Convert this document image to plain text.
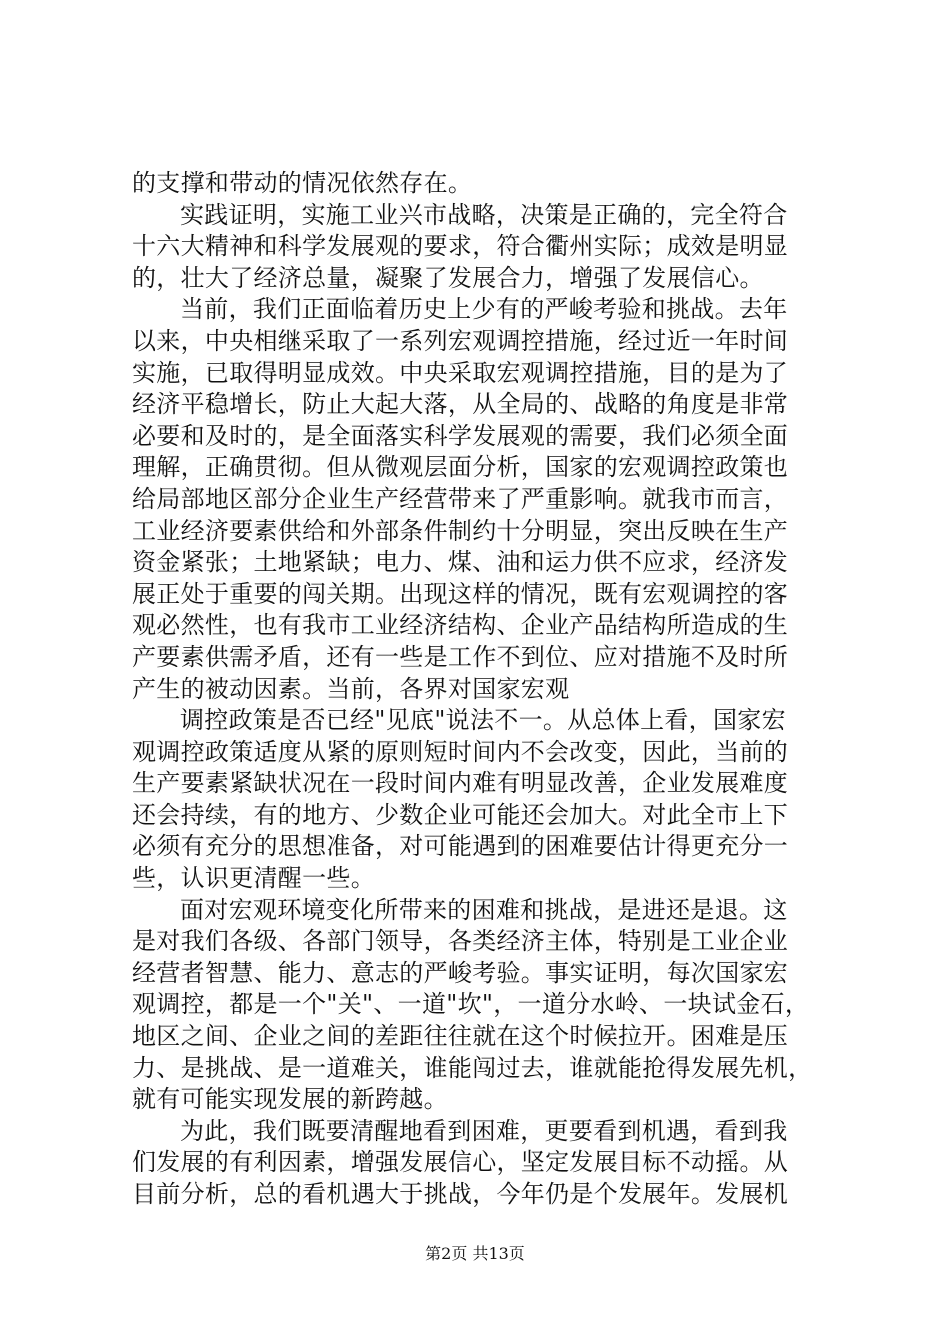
的支撑和带动的情况依然存在。
实践证明，实施工业兴市战略，决策是正确的，完全符合
十六大精神和科学发展观的要求，符合衢州实际；成效是明显
的，壮大了经济总量，凝聚了发展合力，增强了发展信心。
当前，我们正面临着历史上少有的严峻考验和挑战。去年
以来，中央相继采取了一系列宏观调控措施，经过近一年时间
实施，已取得明显成效。中央采取宏观调控措施，目的是为了
经济平稳增长，防止大起大落，从全局的、战略的角度是非常
必要和及时的，是全面落实科学发展观的需要，我们必须全面
理解，正确贯彻。但从微观层面分析，国家的宏观调控政策也
给局部地区部分企业生产经营带来了严重影响。就我市而言，
工业经济要素供给和外部条件制约十分明显，突出反映在生产
资金紧张；土地紧缺；电力、煤、油和运力供不应求，经济发
展正处于重要的闯关期。出现这样的情况，既有宏观调控的客
观必然性，也有我市工业经济结构、企业产品结构所造成的生
产要素供需矛盾，还有一些是工作不到位、应对措施不及时所
产生的被动因素。当前，各界对国家宏观
调控政策是否已经"见底"说法不一。从总体上看，国家宏
观调控政策适度从紧的原则短时间内不会改变，因此，当前的
生产要素紧缺状况在一段时间内难有明显改善，企业发展难度
还会持续，有的地方、少数企业可能还会加大。对此全市上下
必须有充分的思想准备，对可能遇到的困难要估计得更充分一
些，认识更清醒一些。
面对宏观环境变化所带来的困难和挑战，是进还是退。这
是对我们各级、各部门领导，各类经济主体，特别是工业企业
经营者智慧、能力、意志的严峻考验。事实证明，每次国家宏
观调控，都是一个"关"、一道"坎"，一道分水岭、一块试金石，
地区之间、企业之间的差距往往就在这个时候拉开。困难是压
力、是挑战、是一道难关，谁能闯过去，谁就能抢得发展先机，
就有可能实现发展的新跨越。
为此，我们既要清醒地看到困难，更要看到机遇，看到我
们发展的有利因素，增强发展信心，坚定发展目标不动摇。从
目前分析，总的看机遇大于挑战，今年仍是个发展年。发展机
第2页 共13页
